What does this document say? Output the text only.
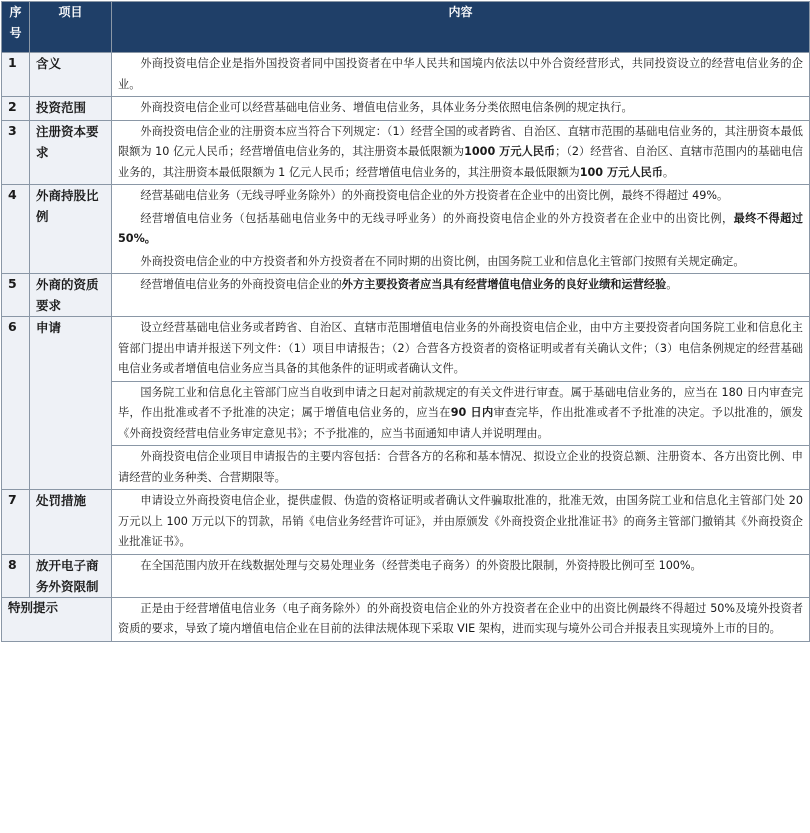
序号	项目	内容
1	含义	外商投资电信企业是指外国投资者同中国投资者在中华人民共和国境内依法以中外合资经营形式，共同投资设立的经营电信业务的企业。

2	投资范围	外商投资电信企业可以经营基础电信业务、增值电信业务，具体业务分类依照电信条例的规定执行。

3	注册资本要求	外商投资电信企业的注册资本应当符合下列规定：（1）经营全国的或者跨省、自治区、直辖市范围的基础电信业务的，其注册资本最低限额为 10 亿元人民币；经营增值电信业务的，其注册资本最低限额为1000 万元人民币；（2）经营省、自治区、直辖市范围内的基础电信业务的，其注册资本最低限额为 1 亿元人民币；经营增值电信业务的，其注册资本最低限额为100 万元人民币。

4	外商持股比例	经营基础电信业务（无线寻呼业务除外）的外商投资电信企业的外方投资者在企业中的出资比例，最终不得超过 49%。

经营增值电信业务（包括基础电信业务中的无线寻呼业务）的外商投资电信企业的外方投资者在企业中的出资比例，最终不得超过 50%。

外商投资电信企业的中方投资者和外方投资者在不同时期的出资比例，由国务院工业和信息化主管部门按照有关规定确定。

5	外商的资质要求	经营增值电信业务的外商投资电信企业的外方主要投资者应当具有经营增值电信业务的良好业绩和运营经验。

6	申请	设立经营基础电信业务或者跨省、自治区、直辖市范围增值电信业务的外商投资电信企业，由中方主要投资者向国务院工业和信息化主管部门提出申请并报送下列文件：（1）项目申请报告；（2）合营各方投资者的资格证明或者有关确认文件；（3）电信条例规定的经营基础电信业务或者增值电信业务应当具备的其他条件的证明或者确认文件。

		国务院工业和信息化主管部门应当自收到申请之日起对前款规定的有关文件进行审查。属于基础电信业务的，应当在 180 日内审查完毕，作出批准或者不予批准的决定；属于增值电信业务的，应当在90 日内审查完毕，作出批准或者不予批准的决定。予以批准的，颁发《外商投资经营电信业务审定意见书》；不予批准的，应当书面通知申请人并说明理由。

		外商投资电信企业项目申请报告的主要内容包括：合营各方的名称和基本情况、拟设立企业的投资总额、注册资本、各方出资比例、申请经营的业务种类、合营期限等。

7	处罚措施	申请设立外商投资电信企业，提供虚假、伪造的资格证明或者确认文件骗取批准的，批准无效，由国务院工业和信息化主管部门处 20 万元以上 100 万元以下的罚款，吊销《电信业务经营许可证》，并由原颁发《外商投资企业批准证书》的商务主管部门撤销其《外商投资企业批准证书》。

8	放开电子商务外资限制	在全国范围内放开在线数据处理与交易处理业务（经营类电子商务）的外资股比限制，外资持股比例可至 100%。

特别提示		正是由于经营增值电信业务（电子商务除外）的外商投资电信企业的外方投资者在企业中的出资比例最终不得超过 50%及境外投资者资质的要求，导致了境内增值电信企业在目前的法律法规体现下采取 VIE 架构，进而实现与境外公司合并报表且实现境外上市的目的。
